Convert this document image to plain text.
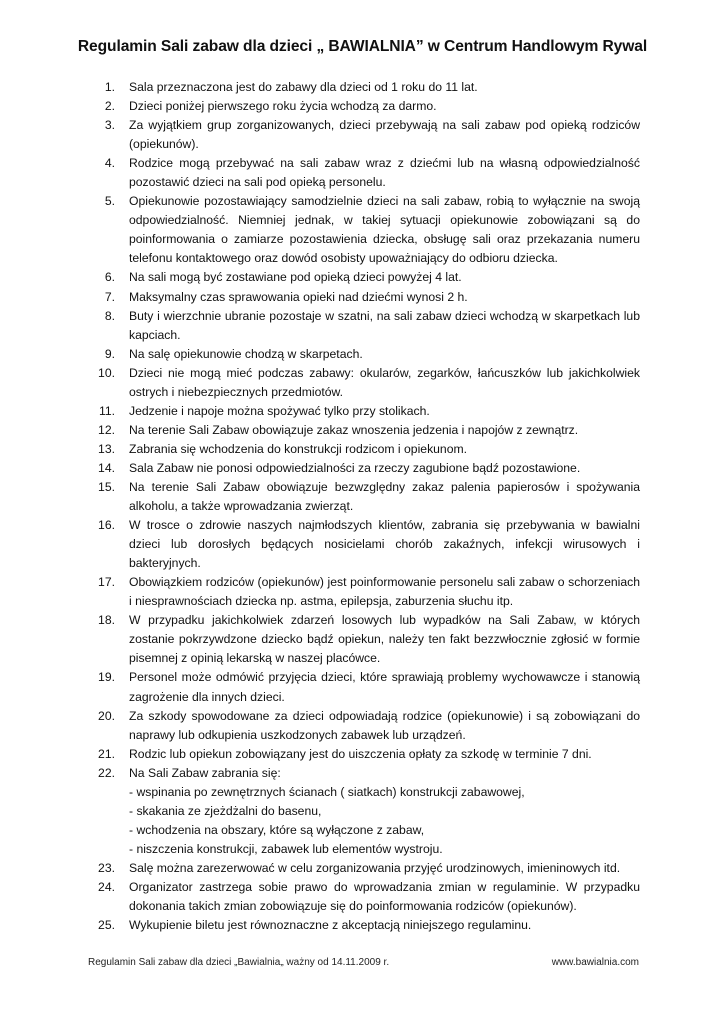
Regulamin Sali zabaw dla dzieci „ BAWIALNIA” w Centrum Handlowym Rywal
1.	Sala przeznaczona jest do zabawy dla dzieci od 1 roku do 11 lat.
2.	Dzieci poniżej pierwszego roku życia wchodzą za darmo.
3.	Za wyjątkiem grup zorganizowanych, dzieci przebywają na sali zabaw pod opieką rodziców (opiekunów).
4.	Rodzice mogą przebywać na sali zabaw wraz z dziećmi lub na własną odpowiedzialność pozostawić dzieci na sali pod opieką personelu.
5.	Opiekunowie pozostawiający samodzielnie dzieci na sali zabaw, robią to wyłącznie na swoją odpowiedzialność. Niemniej jednak, w takiej sytuacji opiekunowie zobowiązani są do poinformowania o zamiarze pozostawienia dziecka, obsługę sali oraz przekazania numeru telefonu kontaktowego oraz dowód osobisty upoważniający do odbioru dziecka.
6.	Na sali mogą być zostawiane pod opieką dzieci powyżej 4 lat.
7.	Maksymalny czas sprawowania opieki nad dziećmi wynosi 2 h.
8.	Buty i wierzchnie ubranie pozostaje w szatni, na sali zabaw dzieci wchodzą w skarpetkach lub kapciach.
9.	Na salę opiekunowie chodzą w skarpetach.
10.	Dzieci nie mogą mieć podczas zabawy: okularów, zegarków, łańcuszków lub jakichkolwiek ostrych i niebezpiecznych przedmiotów.
11.	Jedzenie i napoje można spożywać tylko przy stolikach.
12.	Na terenie Sali Zabaw obowiązuje zakaz wnoszenia jedzenia i napojów z zewnątrz.
13.	Zabrania się wchodzenia do konstrukcji rodzicom i opiekunom.
14.	Sala Zabaw nie ponosi odpowiedzialności za rzeczy zagubione bądź pozostawione.
15.	Na terenie Sali Zabaw obowiązuje bezwzględny zakaz palenia papierosów i spożywania alkoholu, a także wprowadzania zwierząt.
16.	W trosce o zdrowie naszych najmłodszych klientów, zabrania się przebywania w bawialni dzieci lub dorosłych będących nosicielami chorób zakaźnych, infekcji wirusowych i bakteryjnych.
17.	Obowiązkiem rodziców (opiekunów) jest poinformowanie personelu sali zabaw o schorzeniach i niesprawnościach dziecka np. astma, epilepsja, zaburzenia słuchu itp.
18.	W przypadku jakichkolwiek zdarzeń losowych lub wypadków na Sali Zabaw, w których zostanie pokrzywdzone dziecko bądź opiekun, należy ten fakt bezzwłocznie zgłosić w formie pisemnej z opinią lekarską w naszej placówce.
19.	Personel może odmówić przyjęcia dzieci, które sprawiają problemy wychowawcze i stanowią zagrożenie dla innych dzieci.
20.	Za szkody spowodowane za dzieci odpowiadają rodzice (opiekunowie) i są zobowiązani do naprawy lub odkupienia uszkodzonych zabawek lub urządzeń.
21.	Rodzic lub opiekun zobowiązany jest do uiszczenia opłaty za szkodę w terminie 7 dni.
22.	Na Sali Zabaw zabrania się:
- wspinania po zewnętrznych ścianach ( siatkach) konstrukcji zabawowej,
- skakania ze zjeżdżalni do basenu,
- wchodzenia na obszary, które są wyłączone z zabaw,
- niszczenia konstrukcji, zabawek lub elementów wystroju.
23.	Salę można zarezerwować w celu zorganizowania przyjęć urodzinowych, imieninowych itd.
24.	Organizator zastrzega sobie prawo do wprowadzania zmian w regulaminie. W przypadku dokonania takich zmian zobowiązuje się do poinformowania rodziców (opiekunów).
25.	Wykupienie biletu jest równoznaczne z akceptacją niniejszego regulaminu.
Regulamin Sali zabaw dla dzieci „Bawialnia„ ważny od 14.11.2009 r.	www.bawialnia.com
